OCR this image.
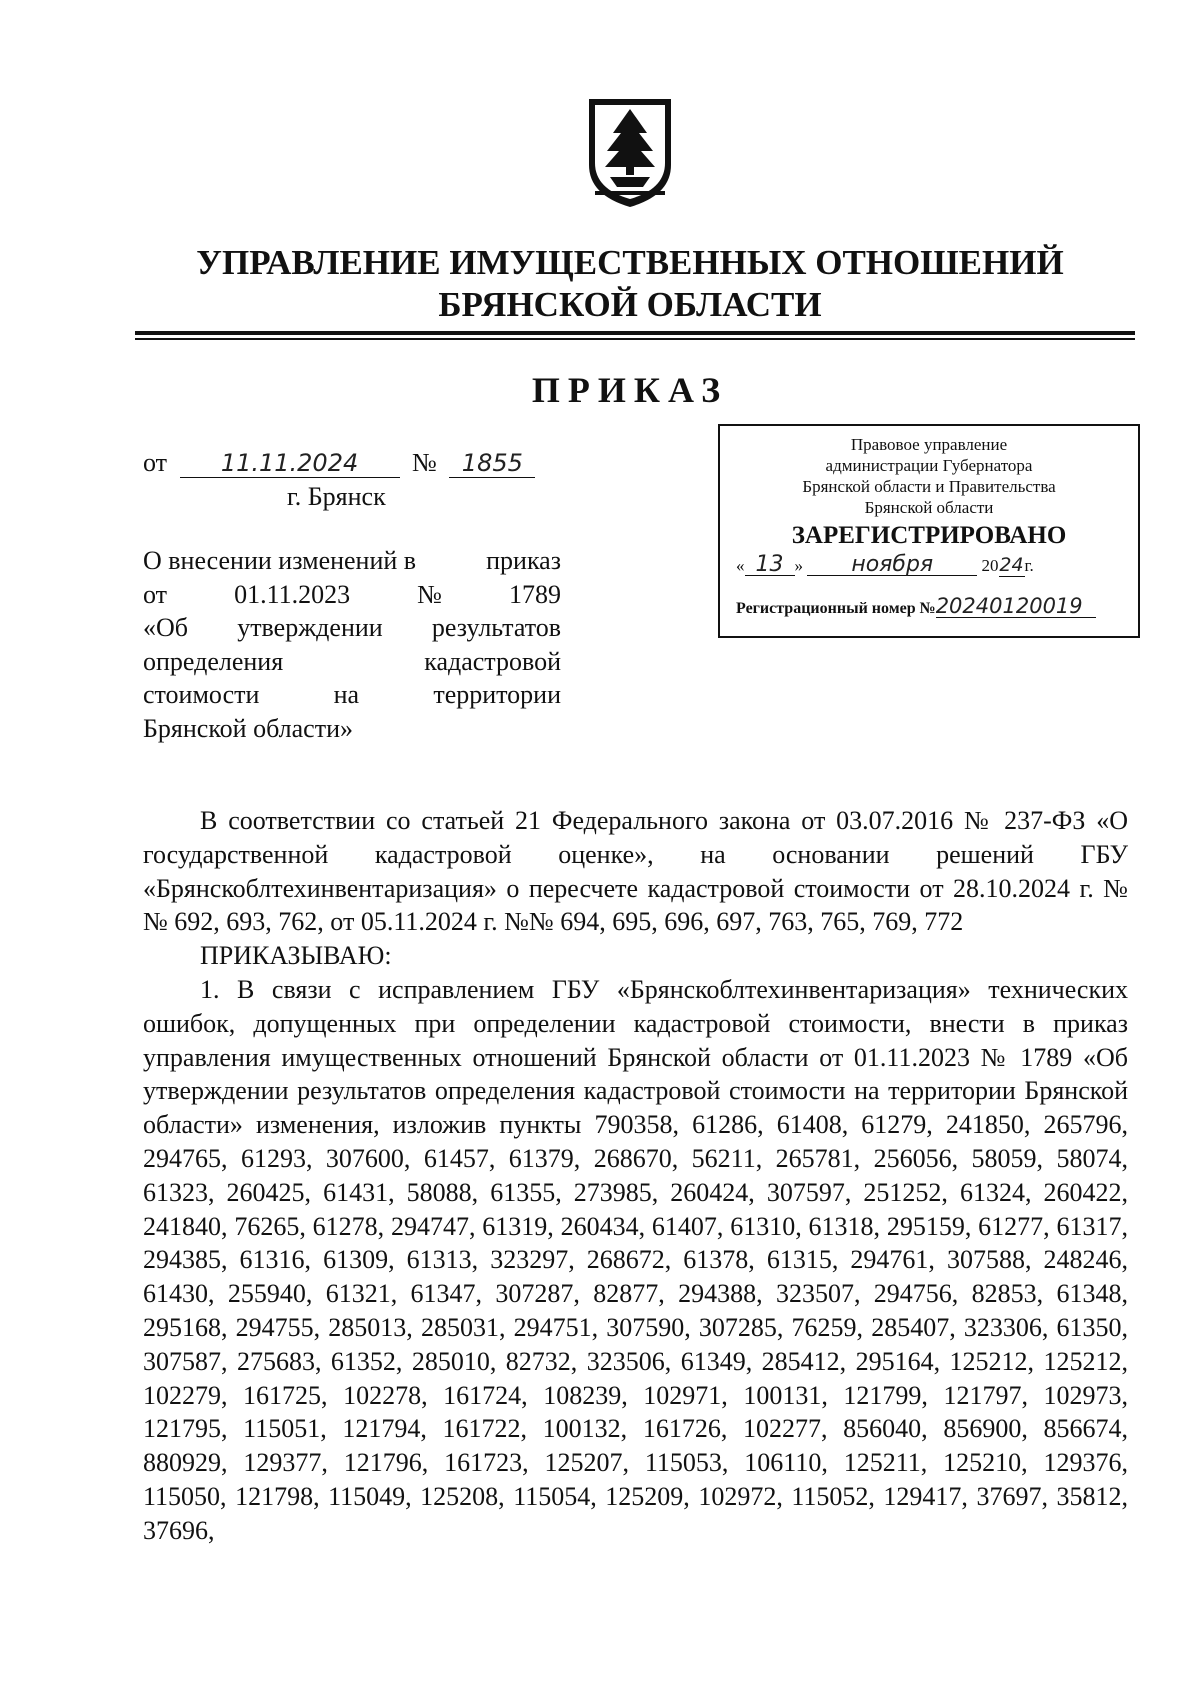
УПРАВЛЕНИЕ ИМУЩЕСТВЕННЫХ ОТНОШЕНИЙ
БРЯНСКОЙ ОБЛАСТИ
ПРИКАЗ
от 11.11.2024 № 1855
г. Брянск
О внесении изменений в	приказ
от	01.11.2023	№	1789
«Об утверждении результатов
определения	кадастровой
стоимости	на	территории
Брянской области»
Правовое управление
администрации Губернатора
Брянской области и Правительства
Брянской области
ЗАРЕГИСТРИРОВАНО
« 13 » ноября	2024г.
Регистрационный номер №20240120019

В соответствии со статьей 21 Федерального закона от 03.07.2016 № 237-ФЗ «О государственной кадастровой оценке», на основании решений ГБУ «Брянскоблтехинвентаризация» о пересчете кадастровой стоимости от 28.10.2024 г. №№ 692, 693, 762, от 05.11.2024 г. №№ 694, 695, 696, 697, 763, 765, 769, 772

ПРИКАЗЫВАЮ:

1. В связи с исправлением ГБУ «Брянскоблтехинвентаризация» технических ошибок, допущенных при определении кадастровой стоимости, внести в приказ управления имущественных отношений Брянской области от 01.11.2023 № 1789 «Об утверждении результатов определения кадастровой стоимости на территории Брянской области» изменения, изложив пункты 790358, 61286, 61408, 61279, 241850, 265796, 294765, 61293, 307600, 61457, 61379, 268670, 56211, 265781, 256056, 58059, 58074, 61323, 260425, 61431, 58088, 61355, 273985, 260424, 307597, 251252, 61324, 260422, 241840, 76265, 61278, 294747, 61319, 260434, 61407, 61310, 61318, 295159, 61277, 61317, 294385, 61316, 61309, 61313, 323297, 268672, 61378, 61315, 294761, 307588, 248246, 61430, 255940, 61321, 61347, 307287, 82877, 294388, 323507, 294756, 82853, 61348, 295168, 294755, 285013, 285031, 294751, 307590, 307285, 76259, 285407, 323306, 61350, 307587, 275683, 61352, 285010, 82732, 323506, 61349, 285412, 295164, 125212, 125212, 102279, 161725, 102278, 161724, 108239, 102971, 100131, 121799, 121797, 102973, 121795, 115051, 121794, 161722, 100132, 161726, 102277, 856040, 856900, 856674, 880929, 129377, 121796, 161723, 125207, 115053, 106110, 125211, 125210, 129376, 115050, 121798, 115049, 125208, 115054, 125209, 102972, 115052, 129417, 37697, 35812, 37696,
